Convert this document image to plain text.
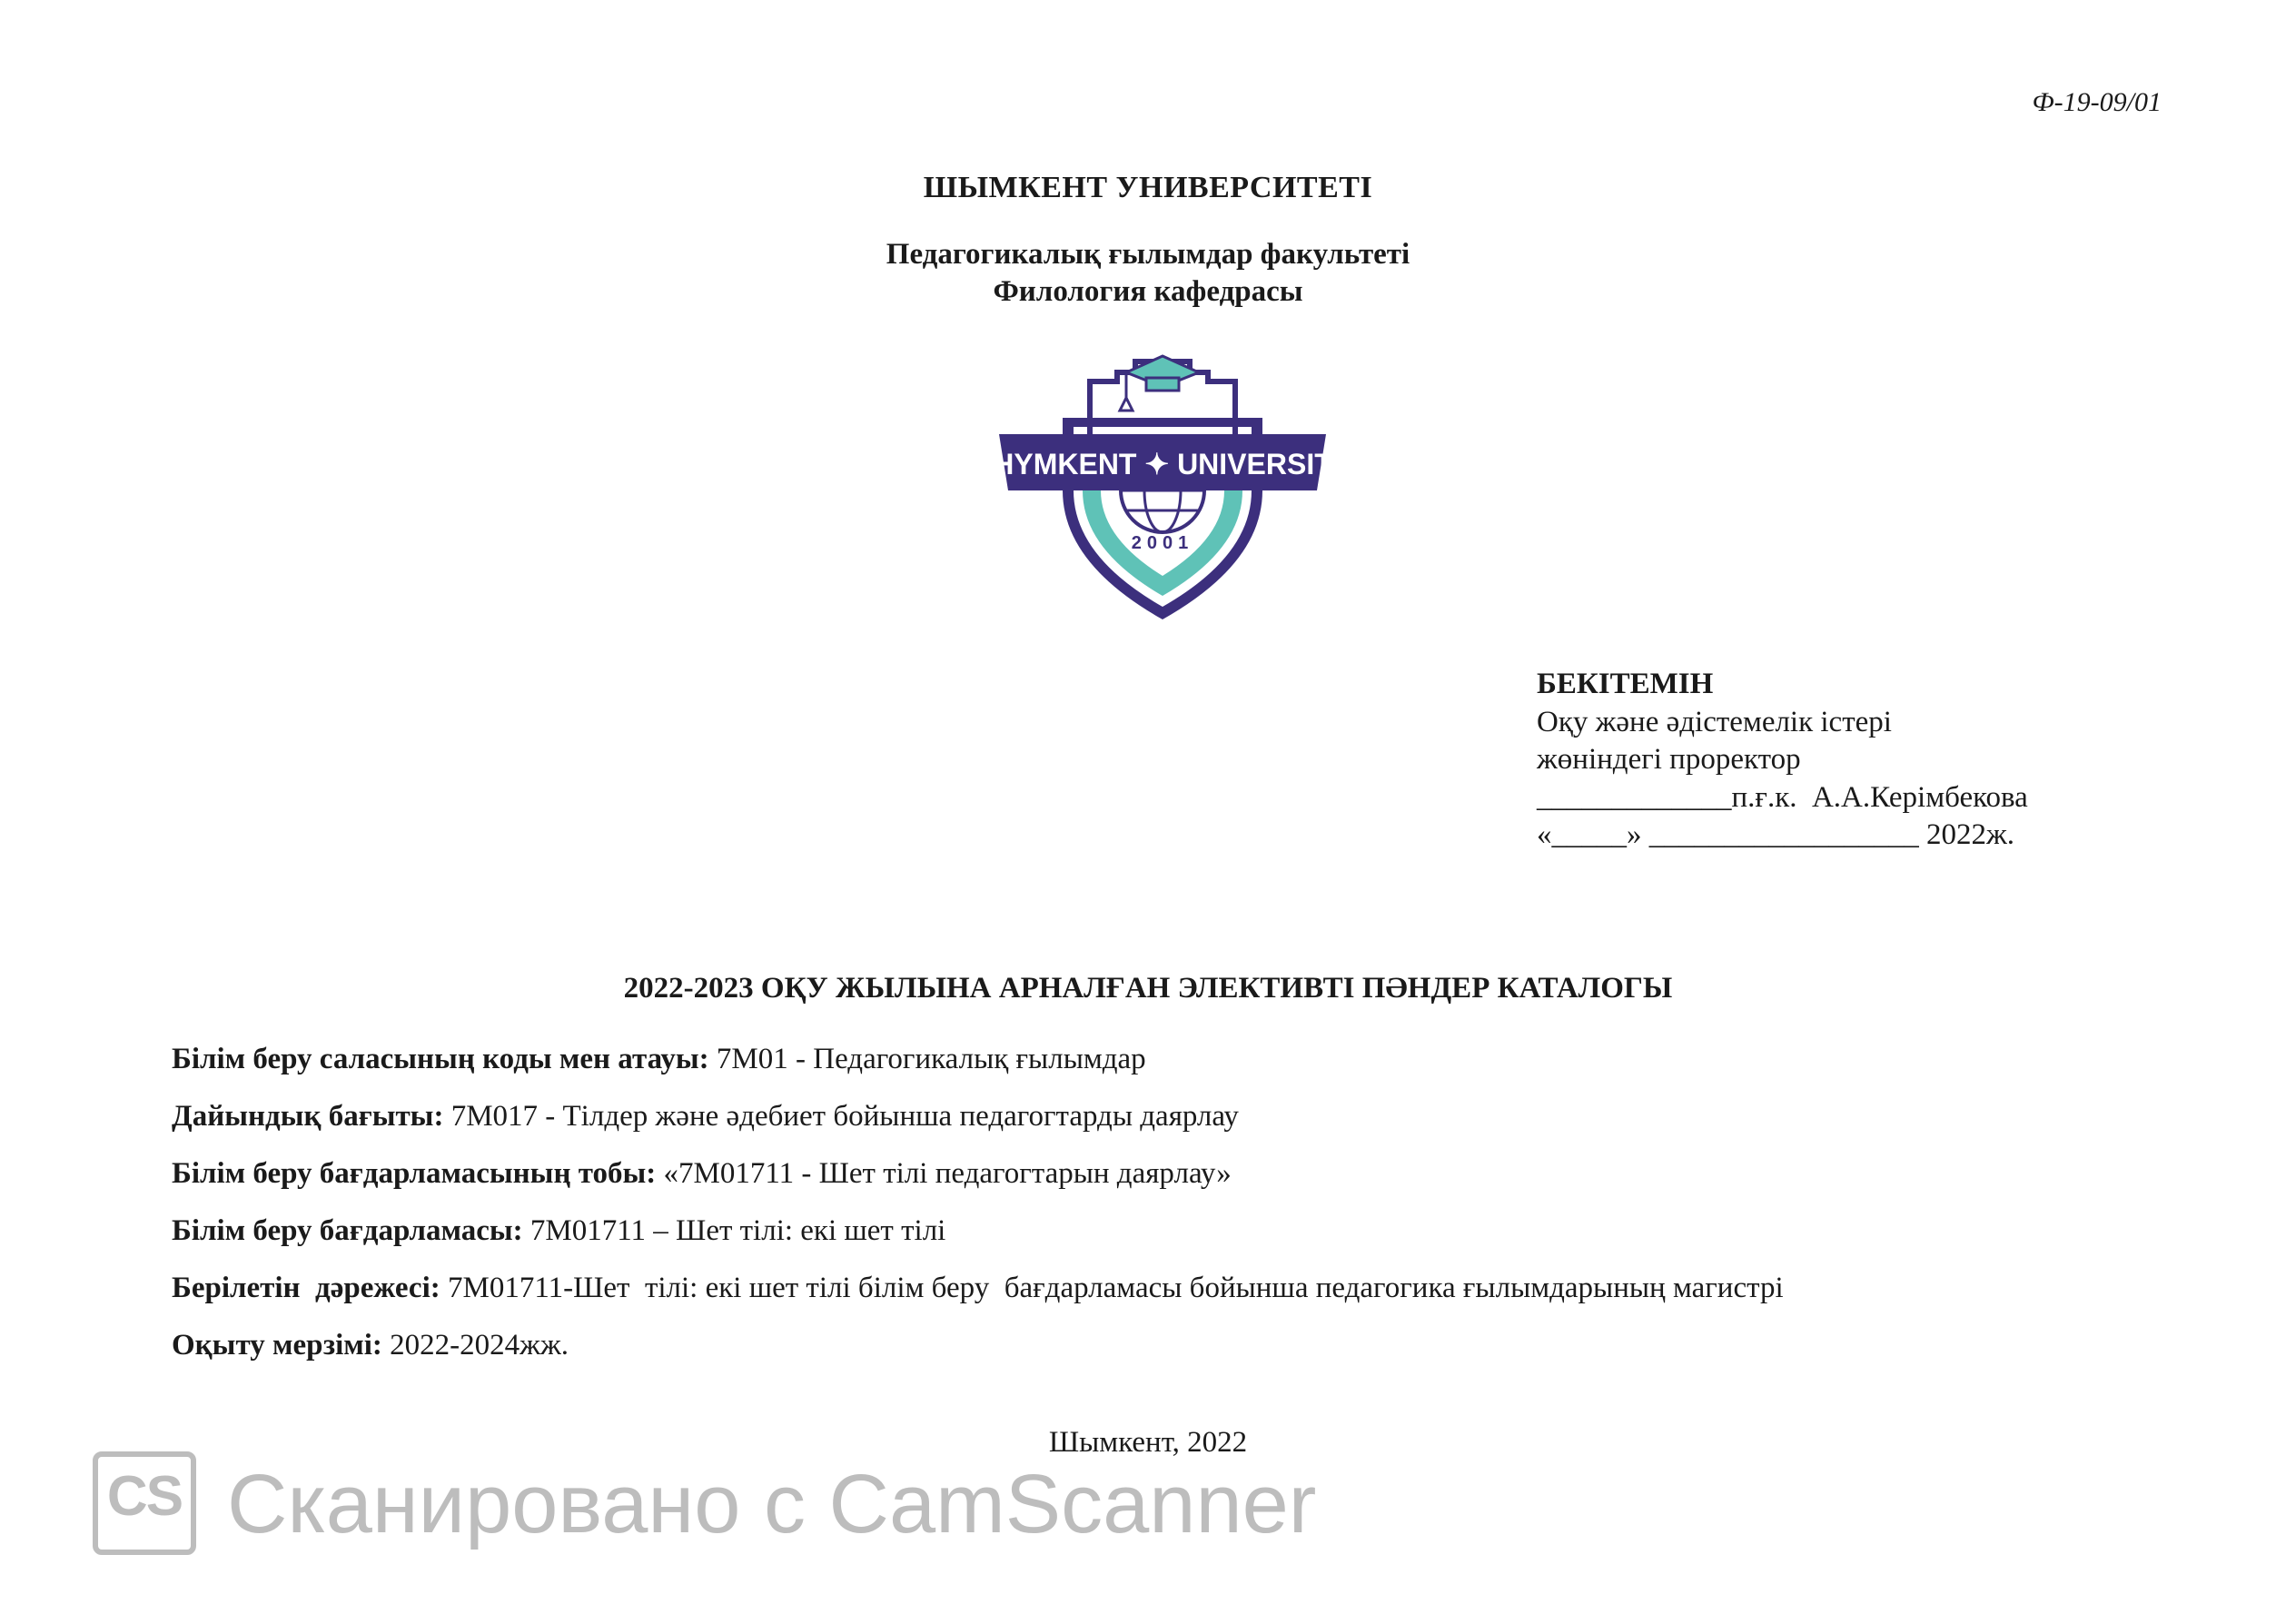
Ф-19-09/01
ШЫМКЕНТ УНИВЕРСИТЕТІ
Педагогикалық ғылымдар факультеті
Филология кафедрасы
SHYMKENT ✦ UNIVERSITY
2001
БЕКІТЕМІН
Оқу және әдістемелік істері
жөніндегі проректор
_____________п.ғ.к.  А.А.Керімбекова
«_____» __________________ 2022ж.
2022-2023 ОҚУ ЖЫЛЫНА АРНАЛҒАН ЭЛЕКТИВТІ ПӘНДЕР КАТАЛОГЫ
Білім беру саласының коды мен атауы: 7М01 - Педагогикалық ғылымдар
Дайындық бағыты: 7М017 - Тілдер және әдебиет бойынша педагогтарды даярлау
Білім беру бағдарламасының тобы: «7М01711 - Шет тілі педагогтарын даярлау»
Білім беру бағдарламасы: 7М01711 – Шет тілі: екі шет тілі
Берілетін  дәрежесі: 7М01711-Шет  тілі: екі шет тілі білім беру  бағдарламасы бойынша педагогика ғылымдарының магистрі
Оқыту мерзімі: 2022-2024жж.
Шымкент, 2022
CS Сканировано с CamScanner
